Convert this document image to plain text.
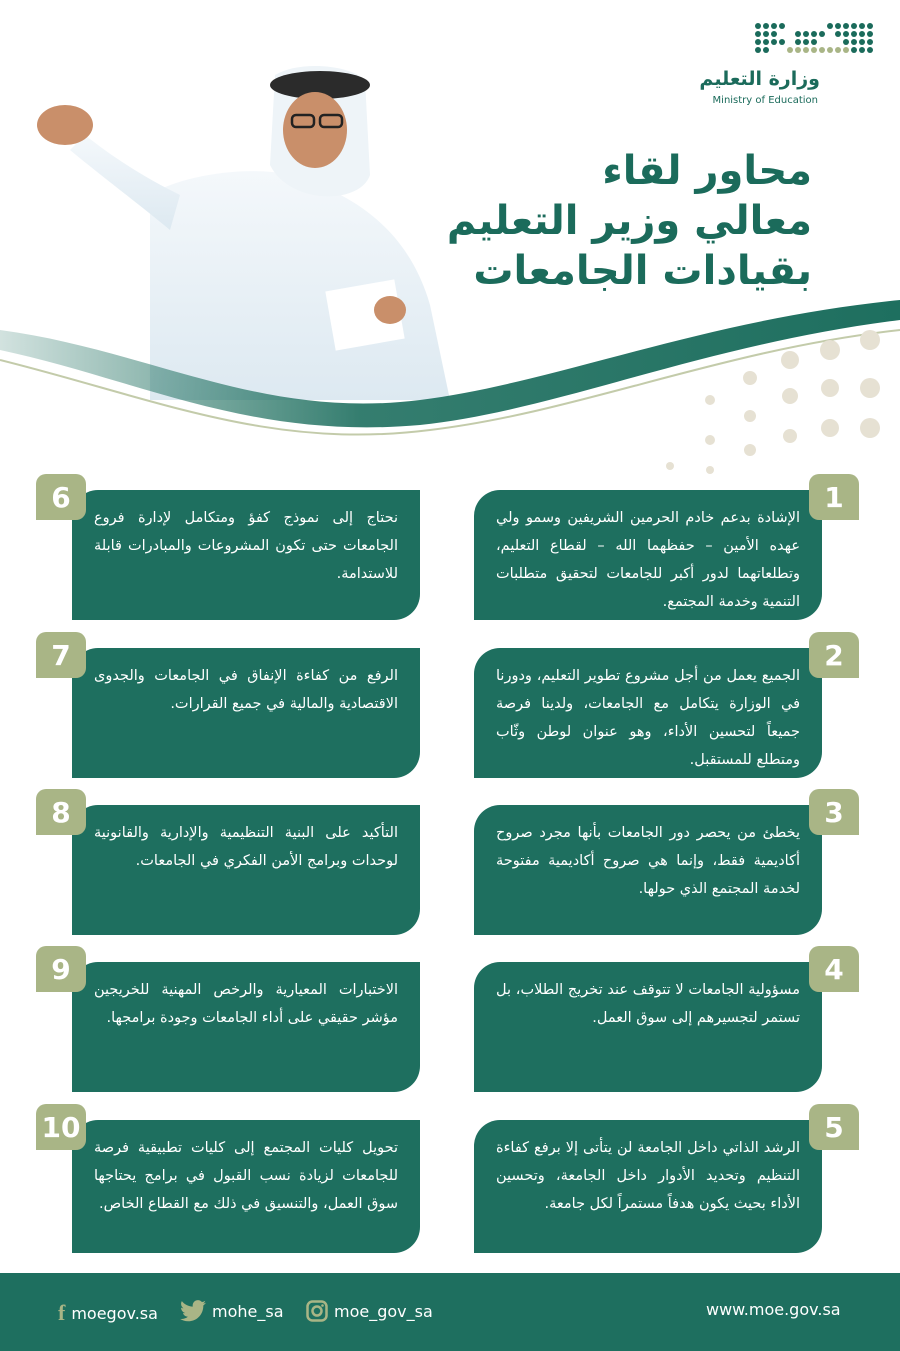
وزارة التعليم
Ministry of Education
محاور لقاء
معالي وزير التعليم
بقيادات الجامعات
الإشادة بدعم خادم الحرمين الشريفين وسمو ولي عهده الأمين – حفظهما الله – لقطاع التعليم، وتطلعاتهما لدور أكبر للجامعات لتحقيق متطلبات التنمية وخدمة المجتمع.
1
الجميع يعمل من أجل مشروع تطوير التعليم، ودورنا في الوزارة يتكامل مع الجامعات، ولدينا فرصة جميعاً لتحسين الأداء، وهو عنوان لوطن وثّاب ومتطلع للمستقبل.
2
يخطئ من يحصر دور الجامعات بأنها مجرد صروح أكاديمية فقط، وإنما هي صروح أكاديمية مفتوحة لخدمة المجتمع الذي حولها.
3
مسؤولية الجامعات لا تتوقف عند تخريج الطلاب، بل تستمر لتجسيرهم إلى سوق العمل.
4
الرشد الذاتي داخل الجامعة لن يتأتى إلا برفع كفاءة التنظيم وتحديد الأدوار داخل الجامعة، وتحسين الأداء بحيث يكون هدفاً مستمراً لكل جامعة.
5
نحتاج إلى نموذج كفؤ ومتكامل لإدارة فروع الجامعات حتى تكون المشروعات والمبادرات قابلة للاستدامة.
6
الرفع من كفاءة الإنفاق في الجامعات والجدوى الاقتصادية والمالية في جميع القرارات.
7
التأكيد على البنية التنظيمية والإدارية والقانونية لوحدات وبرامج الأمن الفكري في الجامعات.
8
الاختبارات المعيارية والرخص المهنية للخريجين مؤشر حقيقي على أداء الجامعات وجودة برامجها.
9
تحويل كليات المجتمع إلى كليات تطبيقية فرصة للجامعات لزيادة نسب القبول في برامج يحتاجها سوق العمل، والتنسيق في ذلك مع القطاع الخاص.
10
f moegov.sa	mohe_sa	moe_gov_sa	www.moe.gov.sa
